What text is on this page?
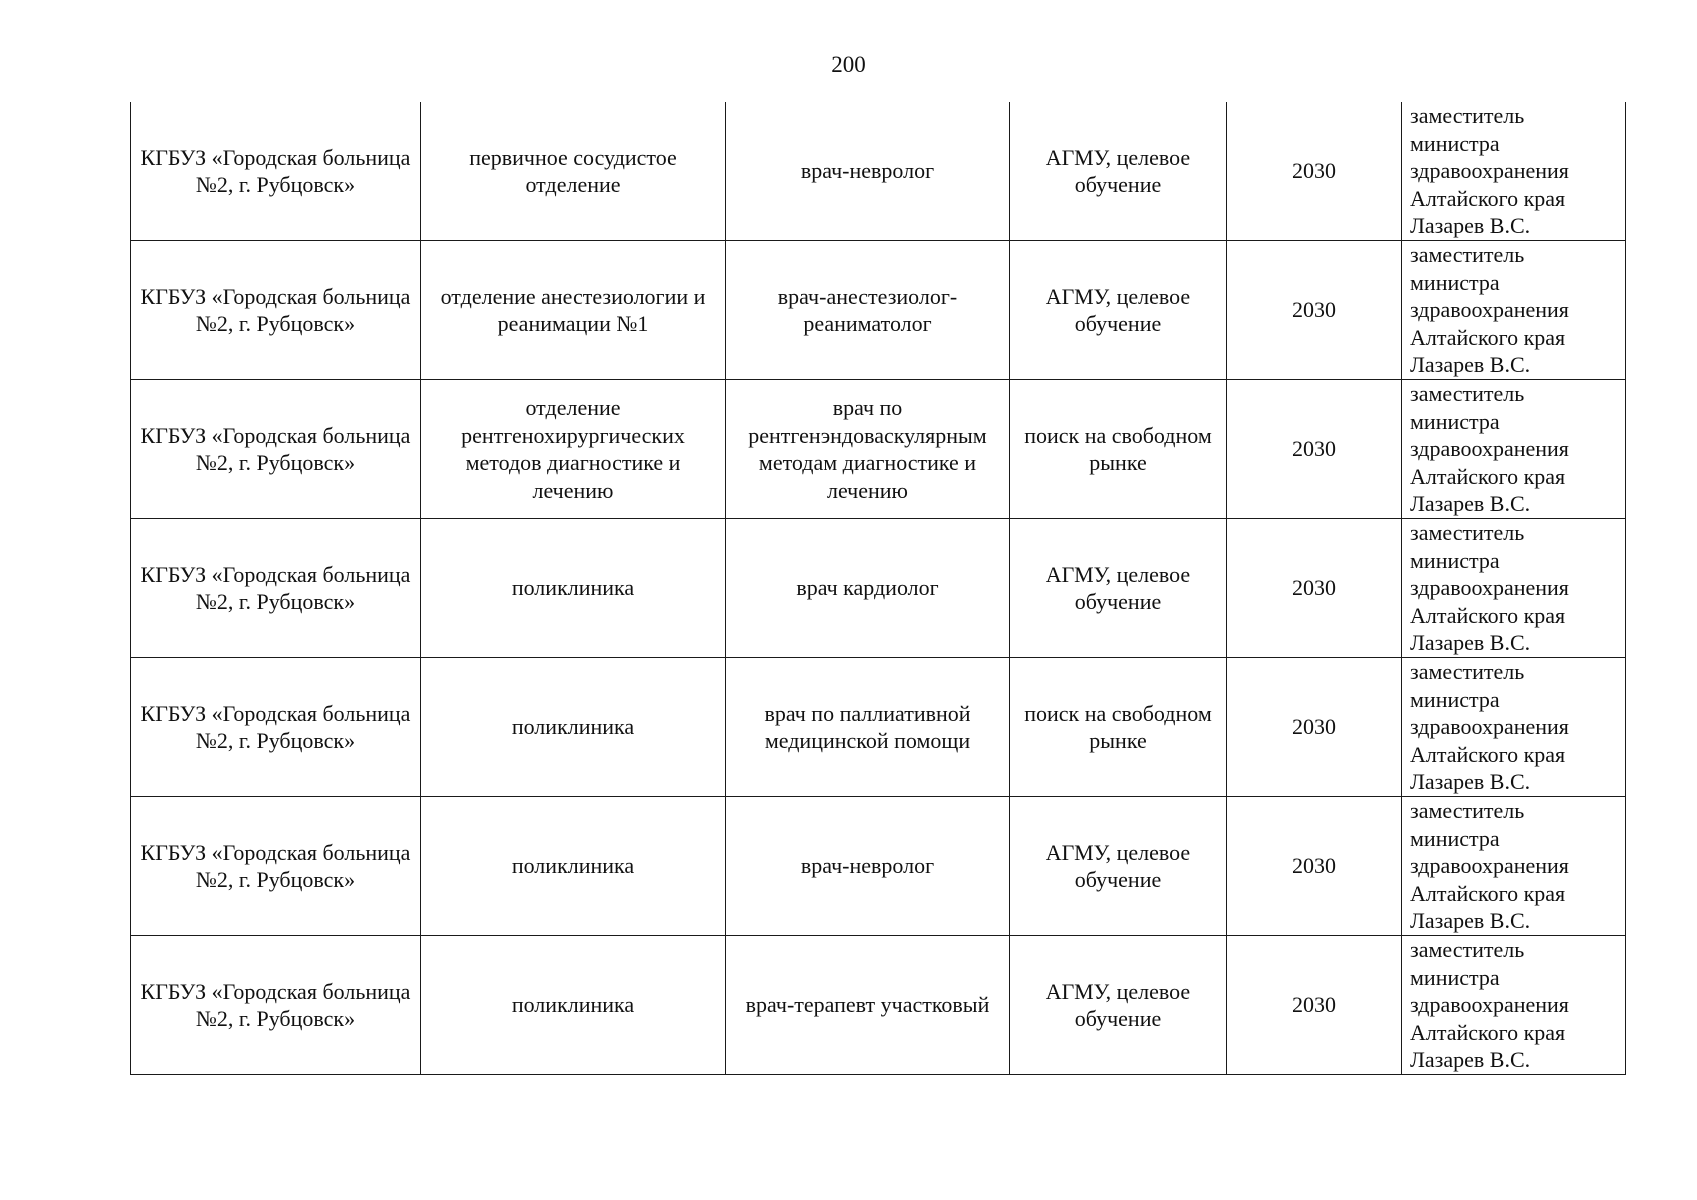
200
КГБУЗ «Городская больница №2, г. Рубцовск»	первичное сосудистое отделение	врач-невролог	АГМУ, целевое обучение	2030	заместитель министра здравоохранения Алтайского края Лазарев В.С.

КГБУЗ «Городская больница №2, г. Рубцовск»	отделение анестезиологии и реанимации №1	врач-анестезиолог-реаниматолог	АГМУ, целевое обучение	2030	заместитель министра здравоохранения Алтайского края Лазарев В.С.

КГБУЗ «Городская больница №2, г. Рубцовск»	отделение рентгенохирургических методов диагностике и лечению	врач по рентгенэндоваскулярным методам диагностике и лечению	поиск на свободном рынке	2030	заместитель министра здравоохранения Алтайского края Лазарев В.С.

КГБУЗ «Городская больница №2, г. Рубцовск»	поликлиника	врач кардиолог	АГМУ, целевое обучение	2030	заместитель министра здравоохранения Алтайского края Лазарев В.С.

КГБУЗ «Городская больница №2, г. Рубцовск»	поликлиника	врач по паллиативной медицинской помощи	поиск на свободном рынке	2030	заместитель министра здравоохранения Алтайского края Лазарев В.С.

КГБУЗ «Городская больница №2, г. Рубцовск»	поликлиника	врач-невролог	АГМУ, целевое обучение	2030	заместитель министра здравоохранения Алтайского края Лазарев В.С.

КГБУЗ «Городская больница №2, г. Рубцовск»	поликлиника	врач-терапевт участковый	АГМУ, целевое обучение	2030	заместитель министра здравоохранения Алтайского края Лазарев В.С.
